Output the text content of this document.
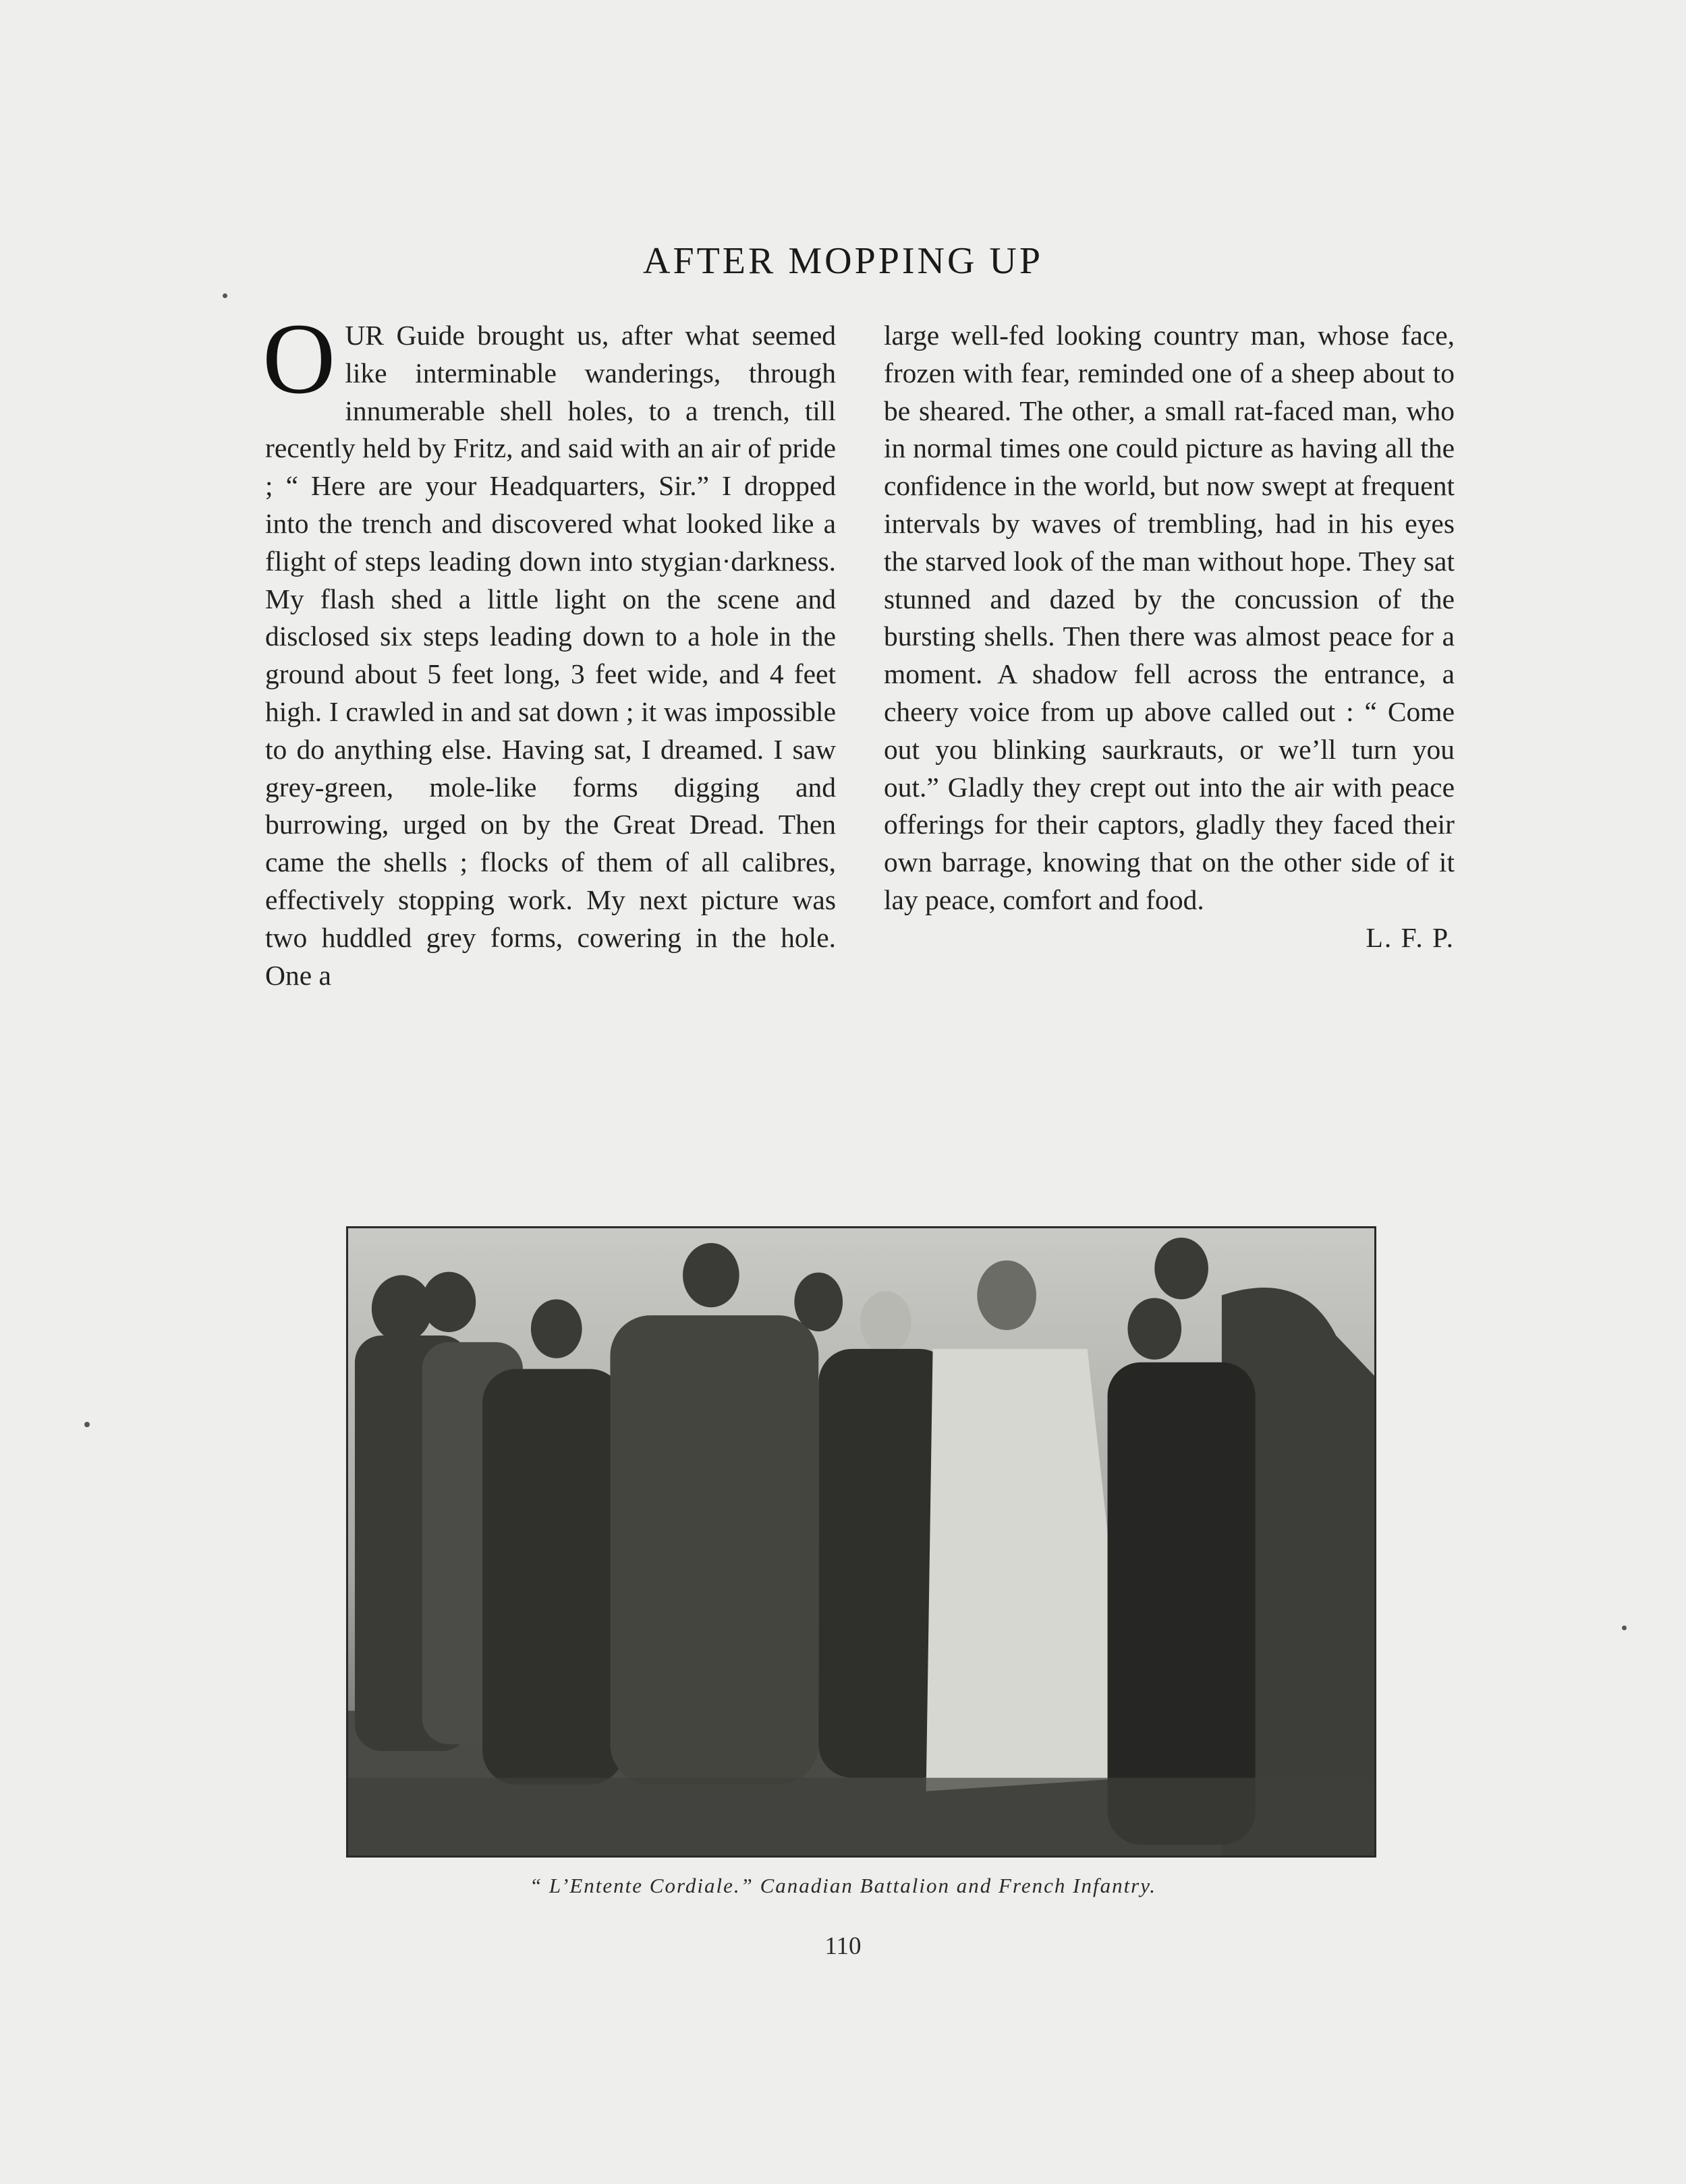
AFTER MOPPING UP

O UR Guide brought us, after what seemed like interminable wanderings, through innumerable shell holes, to a trench, till recently held by Fritz, and said with an air of pride ; “ Here are your Headquarters, Sir.” I dropped into the trench and discovered what looked like a flight of steps leading down into stygian·darkness. My flash shed a little light on the scene and disclosed six steps leading down to a hole in the ground about 5 feet long, 3 feet wide, and 4 feet high. I crawled in and sat down ; it was impossible to do anything else. Having sat, I dreamed. I saw grey-green, mole-like forms digging and burrowing, urged on by the Great Dread. Then came the shells ; flocks of them of all calibres, effectively stopping work. My next picture was two huddled grey forms, cowering in the hole. One a

large well-fed looking country man, whose face, frozen with fear, reminded one of a sheep about to be sheared. The other, a small rat-faced man, who in normal times one could picture as having all the confidence in the world, but now swept at frequent intervals by waves of trembling, had in his eyes the starved look of the man without hope. They sat stunned and dazed by the concussion of the bursting shells. Then there was almost peace for a moment. A shadow fell across the entrance, a cheery voice from up above called out : “ Come out you blinking saurkrauts, or we’ll turn you out.” Gladly they crept out into the air with peace offerings for their captors, gladly they faced their own barrage, knowing that on the other side of it lay peace, comfort and food.

L. F. P.

“ L’Entente Cordiale.” Canadian Battalion and French Infantry.
110
